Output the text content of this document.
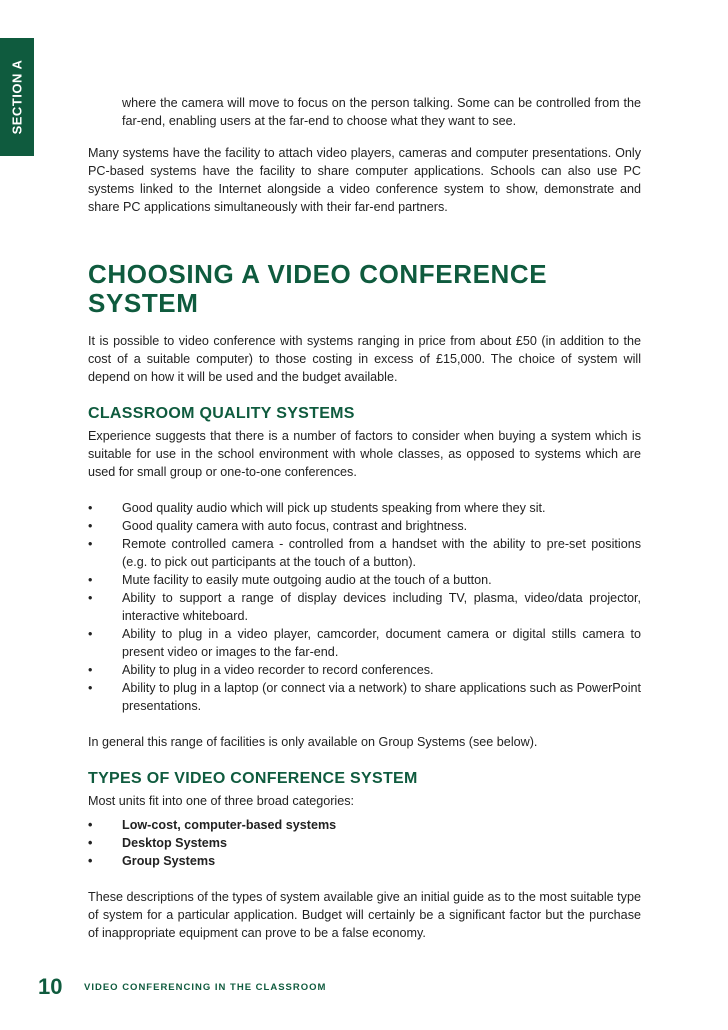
SECTION A	where the camera will move to focus on the person talking. Some can be controlled from the far-end, enabling users at the far-end to choose what they want to see.

Many systems have the facility to attach video players, cameras and computer presentations. Only PC-based systems have the facility to share computer applications. Schools can also use PC systems linked to the Internet alongside a video conference system to show, demonstrate and share PC applications simultaneously with their far-end partners.

CHOOSING A VIDEO CONFERENCE SYSTEM

It is possible to video conference with systems ranging in price from about £50 (in addition to the cost of a suitable computer) to those costing in excess of £15,000. The choice of system will depend on how it will be used and the budget available.

CLASSROOM QUALITY SYSTEMS

Experience suggests that there is a number of factors to consider when buying a system which is suitable for use in the school environment with whole classes, as opposed to systems which are used for small group or one-to-one conferences.

• Good quality audio which will pick up students speaking from where they sit.
• Good quality camera with auto focus, contrast and brightness.
• Remote controlled camera - controlled from a handset with the ability to pre-set positions (e.g. to pick out participants at the touch of a button).
• Mute facility to easily mute outgoing audio at the touch of a button.
• Ability to support a range of display devices including TV, plasma, video/data projector, interactive whiteboard.
• Ability to plug in a video player, camcorder, document camera or digital stills camera to present video or images to the far-end.
• Ability to plug in a video recorder to record conferences.
• Ability to plug in a laptop (or connect via a network) to share applications such as PowerPoint presentations.

In general this range of facilities is only available on Group Systems (see below).

TYPES OF VIDEO CONFERENCE SYSTEM

Most units fit into one of three broad categories:

• Low-cost, computer-based systems
• Desktop Systems
• Group Systems

These descriptions of the types of system available give an initial guide as to the most suitable type of system for a particular application. Budget will certainly be a significant factor but the purchase of inappropriate equipment can prove to be a false economy.

10 VIDEO CONFERENCING IN THE CLASSROOM
